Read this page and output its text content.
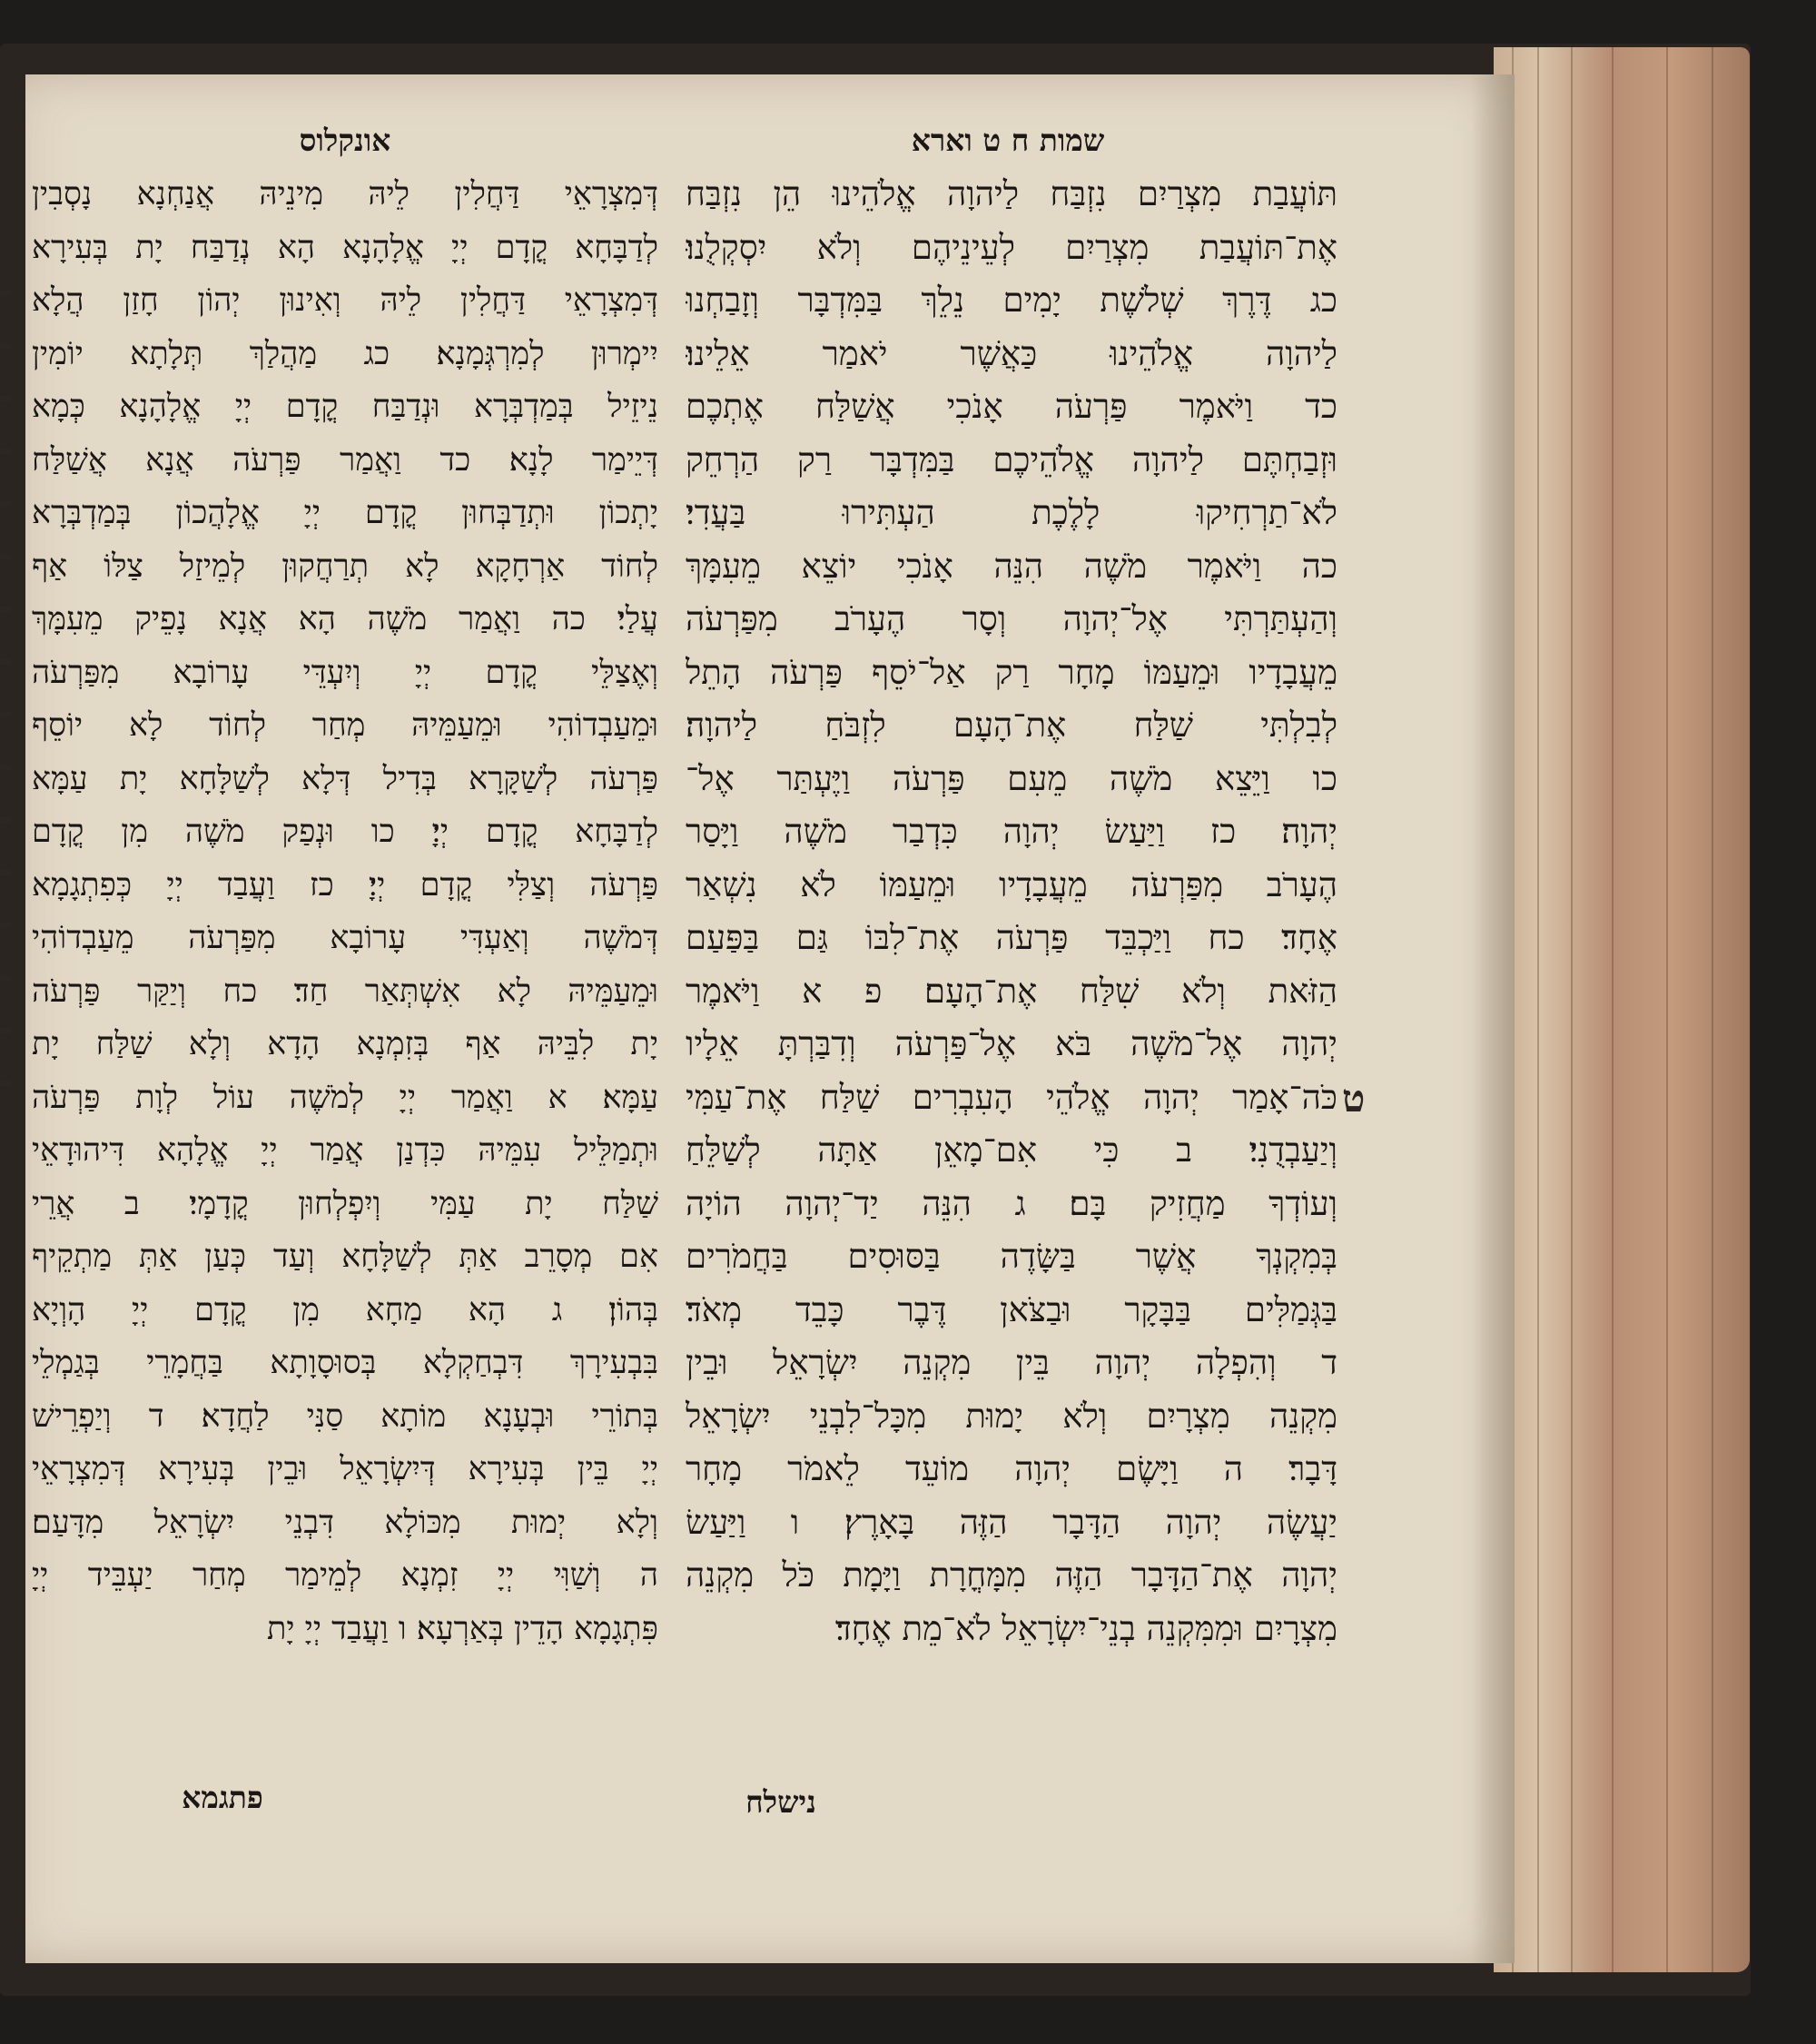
שמות ח ט וארא
אונקלוס
תּוֹעֲבַת מִצְרַיִם נִזְבַּח לַיהוָה אֱלֹהֵינוּ הֵן נִזְבַּח
אֶת־תּוֹעֲבַת מִצְרַיִם לְעֵינֵיהֶם וְלֹא יִסְקְלֻנוּ׃
כג דֶּרֶךְ שְׁלֹשֶׁת יָמִים נֵלֵךְ בַּמִּדְבָּר וְזָבַחְנוּ
לַיהוָה אֱלֹהֵינוּ כַּאֲשֶׁר יֹאמַר אֵלֵינוּ׃
כד וַיֹּאמֶר פַּרְעֹה אָנֹכִי אֲשַׁלַּח אֶתְכֶם
וּזְבַחְתֶּם לַיהוָה אֱלֹהֵיכֶם בַּמִּדְבָּר רַק הַרְחֵק
לֹא־תַרְחִיקוּ לָלֶכֶת הַעְתִּירוּ בַּעֲדִי׃
כה וַיֹּאמֶר מֹשֶׁה הִנֵּה אָנֹכִי יוֹצֵא מֵעִמָּךְ
וְהַעְתַּרְתִּי אֶל־יְהוָה וְסָר הֶעָרֹב מִפַּרְעֹה
מֵעֲבָדָיו וּמֵעַמּוֹ מָחָר רַק אַל־יֹסֵף פַּרְעֹה הָתֵל
לְבִלְתִּי שַׁלַּח אֶת־הָעָם לִזְבֹּחַ לַיהוָה׃
כו וַיֵּצֵא מֹשֶׁה מֵעִם פַּרְעֹה וַיֶּעְתַּר אֶל־
יְהוָה׃ כז וַיַּעַשׂ יְהוָה כִּדְבַר מֹשֶׁה וַיָּסַר
הֶעָרֹב מִפַּרְעֹה מֵעֲבָדָיו וּמֵעַמּוֹ לֹא נִשְׁאַר
אֶחָד׃ כח וַיַּכְבֵּד פַּרְעֹה אֶת־לִבּוֹ גַּם בַּפַּעַם
הַזֹּאת וְלֹא שִׁלַּח אֶת־הָעָם׃ פ א וַיֹּאמֶר
יְהוָה אֶל־מֹשֶׁה בֹּא אֶל־פַּרְעֹה וְדִבַּרְתָּ אֵלָיו
כֹּה־אָמַר יְהוָה אֱלֹהֵי הָעִבְרִים שַׁלַּח אֶת־עַמִּי
וְיַעַבְדֻנִי׃ ב כִּי אִם־מָאֵן אַתָּה לְשַׁלֵּחַ
וְעוֹדְךָ מַחֲזִיק בָּם׃ ג הִנֵּה יַד־יְהוָה הוֹיָה
בְּמִקְנְךָ אֲשֶׁר בַּשָּׂדֶה בַּסּוּסִים בַּחֲמֹרִים
בַּגְּמַלִּים בַּבָּקָר וּבַצֹּאן דֶּבֶר כָּבֵד מְאֹד׃
ד וְהִפְלָה יְהוָה בֵּין מִקְנֵה יִשְׂרָאֵל וּבֵין
מִקְנֵה מִצְרָיִם וְלֹא יָמוּת מִכָּל־לִבְנֵי יִשְׂרָאֵל
דָּבָר׃ ה וַיָּשֶׂם יְהוָה מוֹעֵד לֵאמֹר מָחָר
יַעֲשֶׂה יְהוָה הַדָּבָר הַזֶּה בָּאָרֶץ׃ ו וַיַּעַשׂ
יְהוָה אֶת־הַדָּבָר הַזֶּה מִמָּחֳרָת וַיָּמָת כֹּל מִקְנֵה
מִצְרָיִם וּמִמִּקְנֵה בְנֵי־יִשְׂרָאֵל לֹא־מֵת אֶחָד׃
דְּמִצְרָאֵי דַּחֲלִין לֵיהּ מִינֵיהּ אֲנַחְנָא נָסְבִין
לְדַבָּחָא קֳדָם יְיָ אֱלָהָנָא הָא נְדַבַּח יָת בְּעִירָא
דְּמִצְרָאֵי דַּחֲלִין לֵיהּ וְאִינוּן יְהוֹן חָזַן הֲלָא
יִימְרוּן לְמִרְגְּמָנָא׃ כג מַהֲלַךְ תְּלָתָא יוֹמִין
נֵיזֵיל בְּמַדְבְּרָא וּנְדַבַּח קֳדָם יְיָ אֱלָהָנָא כְּמָא
דְּיֵימַר לָנָא׃ כד וַאֲמַר פַּרְעֹה אֲנָא אֲשַׁלַּח
יָתְכוֹן וּתְדַבְּחוּן קֳדָם יְיָ אֱלָהֲכוֹן בְּמַדְבְּרָא
לְחוֹד אַרְחָקָא לָא תְרַחֲקוּן לְמֵיזַל צַלּוֹ אַף
עֲלַי׃ כה וַאֲמַר מֹשֶׁה הָא אֲנָא נָפֵיק מֵעִמָּךְ
וְאֶצַלֵּי קֳדָם יְיָ וְיִעְדֵּי עָרוֹבָא מִפַּרְעֹה
וּמֵעַבְדוֹהִי וּמֵעַמֵּיהּ מְחַר לְחוֹד לָא יוֹסֵף
פַּרְעֹה לְשַׁקָּרָא בְּדִיל דְּלָא לְשַׁלָּחָא יָת עַמָּא
לְדַבָּחָא קֳדָם יְיָ׃ כו וּנְפַק מֹשֶׁה מִן קֳדָם
פַּרְעֹה וְצַלִּי קֳדָם יְיָ׃ כז וַעֲבַד יְיָ כְּפִתְגָמָא
דְּמֹשֶׁה וְאַעְדִּי עָרוֹבָא מִפַּרְעֹה מֵעַבְדוֹהִי
וּמֵעַמֵּיהּ לָא אִשְׁתְּאַר חַד׃ כח וְיַקַּר פַּרְעֹה
יָת לִבֵּיהּ אַף בְּזִמְנָא הָדָא וְלָא שַׁלַּח יָת
עַמָּא׃ א וַאֲמַר יְיָ לְמֹשֶׁה עוֹל לְוָת פַּרְעֹה
וּתְמַלֵּיל עִמֵּיהּ כִּדְנַן אֲמַר יְיָ אֱלָהָא דִּיהוּדָאֵי
שַׁלַּח יָת עַמִּי וְיִפְלְחוּן קֳדָמָי׃ ב אֲרֵי
אִם מְסָרֵב אַתְּ לְשַׁלָּחָא וְעַד כְּעַן אַתְּ מַתְקֵיף
בְּהוֹן׃ ג הָא מַחָא מִן קֳדָם יְיָ הָוְיָא
בִּבְעִירָךְ דִּבְחַקְלָא בְּסוּסָוָתָא בַּחֲמָרֵי בְּגַמְלֵי
בְּתוֹרֵי וּבְעָנָא מוֹתָא סַנִּי לַחֲדָא׃ ד וְיַפְרֵישׁ
יְיָ בֵּין בְּעִירָא דְּיִשְׂרָאֵל וּבֵין בְּעִירָא דְּמִצְרָאֵי
וְלָא יְמוּת מִכּוֹלָא דִּבְנֵי יִשְׂרָאֵל מִדָּעַם׃
ה וְשַׁוִּי יְיָ זִמְנָא לְמֵימַר מְחַר יַעְבֵּיד יְיָ
פִּתְגָמָא הָדֵין בְּאַרְעָא׃ ו וַעֲבַד יְיָ יָת
ט
נישלח
פתגמא
